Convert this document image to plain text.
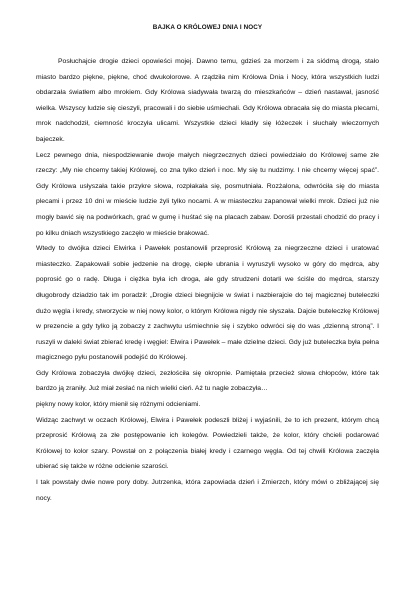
BAJKA O KRÓLOWEJ DNIA I NOCY

Posłuchajcie drogie dzieci opowieści mojej. Dawno temu, gdzieś za morzem i za siódmą drogą, stało miasto bardzo piękne, piękne, choć dwukolorowe. A rządziła nim Królowa Dnia i Nocy, która wszystkich ludzi obdarzała światłem albo mrokiem. Gdy Królowa siadywała twarzą do mieszkańców – dzień nastawał, jasność wielka. Wszyscy ludzie się cieszyli, pracowali i do siebie uśmiechali. Gdy Królowa obracała się do miasta plecami, mrok nadchodził, ciemność kroczyła ulicami. Wszystkie dzieci kładły się łóżeczek i słuchały wieczornych bajeczek.

Lecz pewnego dnia, niespodziewanie dwoje małych niegrzecznych dzieci powiedziało do Królowej same złe rzeczy: „My nie chcemy takiej Królowej, co zna tylko dzień i noc. My się tu nudzimy. I nie chcemy więcej spać”. Gdy Królowa usłyszała takie przykre słowa, rozpłakała się, posmutniała. Rozżalona, odwróciła się do miasta plecami i przez 10 dni w mieście ludzie żyli tylko nocami. A w miasteczku zapanował wielki mrok. Dzieci już nie mogły bawić się na podwórkach, grać w gumę i huśtać się na placach zabaw. Dorośli przestali chodzić do pracy i po kilku dniach wszystkiego zaczęło w mieście brakować.

Wtedy to dwójka dzieci Elwirka i Pawełek postanowili przeprosić Królową za niegrzeczne dzieci i uratować miasteczko. Zapakowali sobie jedzenie na drogę, ciepłe ubrania i wyruszyli wysoko w góry do mędrca, aby poprosić go o radę. Długa i ciężka była ich droga, ale gdy strudzeni dotarli we ściśle do mędrca, starszy długobrody dziadzio tak im poradził: „Drogie dzieci biegnijcie w świat i nazbierajcie do tej magicznej buteleczki dużo węgla i kredy, stworzycie w niej nowy kolor, o którym Królowa nigdy nie słyszała. Dajcie buteleczkę Królowej w prezencie a gdy tylko ją zobaczy z zachwytu uśmiechnie się i szybko odwróci się do was „dzienną stroną”. I ruszyli w daleki świat zbierać kredę i węgiel: Elwira i Pawełek – małe dzielne dzieci. Gdy już buteleczka była pełna magicznego pyłu postanowili podejść do Królowej.

Gdy Królowa zobaczyła dwójkę dzieci, zezłościła się okropnie. Pamiętała przecież słowa chłopców, które tak bardzo ją zraniły. Już miał zesłać na nich wielki cień. Aż tu nagle zobaczyła…

piękny nowy kolor, który mienił się różnymi odcieniami.

Widząc zachwyt w oczach Królowej, Elwira i Pawełek podeszli bliżej i wyjaśnili, że to ich prezent, którym chcą przeprosić Królową za złe postępowanie ich kolegów. Powiedzieli także, że kolor, który chcieli podarować Królowej to kolor szary. Powstał on z połączenia białej kredy i czarnego węgla. Od tej chwili Królowa zaczęła ubierać się także w różne odcienie szarości.

I tak powstały dwie nowe pory doby. Jutrzenka, która zapowiada dzień i Zmierzch, który mówi o zbliżającej się nocy.
